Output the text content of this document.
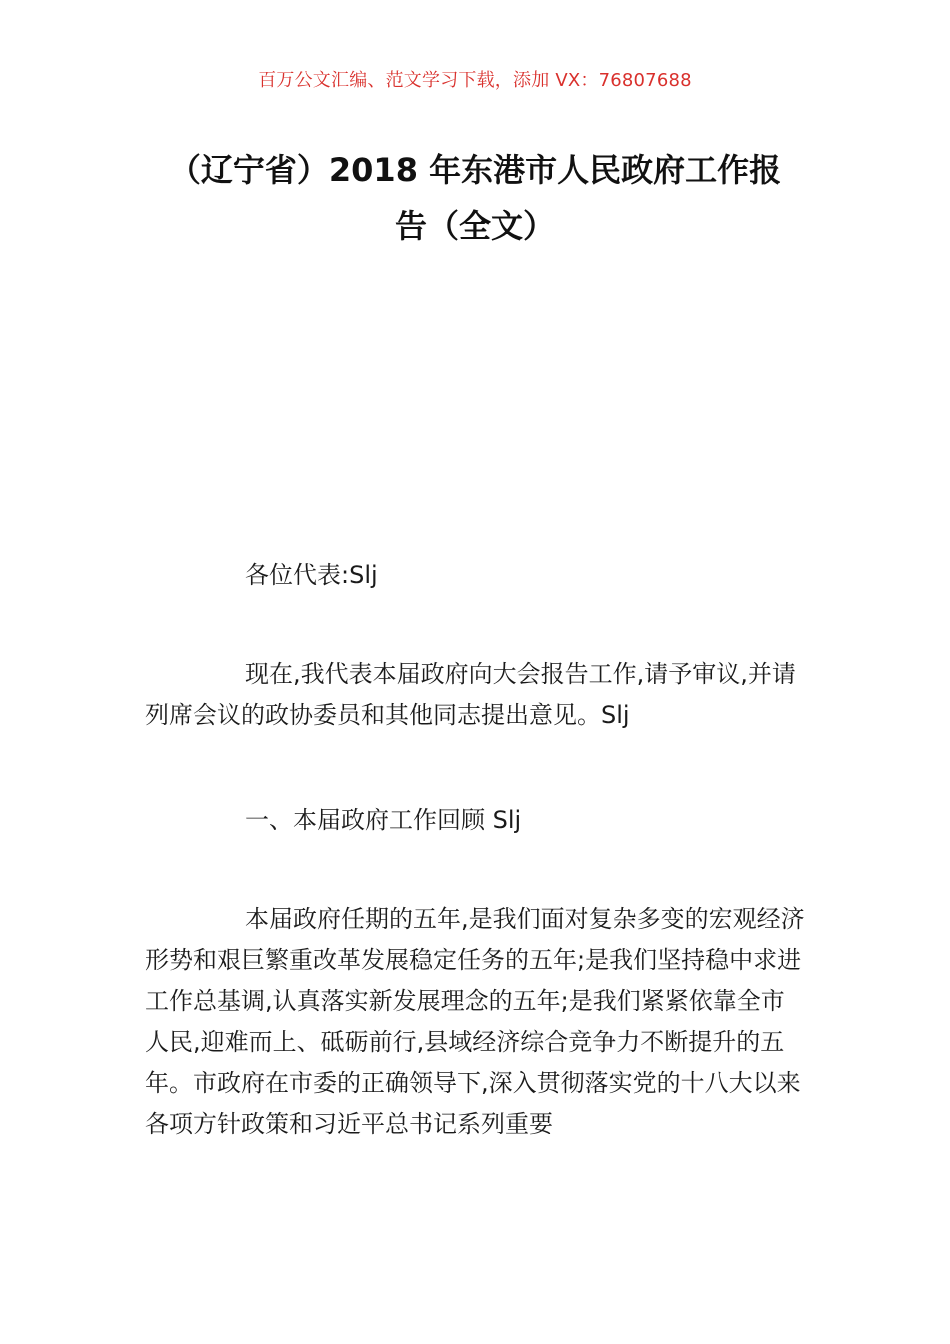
百万公文汇编、范文学习下载，添加 VX：76807688
（辽宁省）2018 年东港市人民政府工作报
告（全文）
各位代表:Slj
现在,我代表本届政府向大会报告工作,请予审议,并请列席会议的政协委员和其他同志提出意见。Slj
一、本届政府工作回顾 Slj
本届政府任期的五年,是我们面对复杂多变的宏观经济形势和艰巨繁重改革发展稳定任务的五年;是我们坚持稳中求进工作总基调,认真落实新发展理念的五年;是我们紧紧依靠全市人民,迎难而上、砥砺前行,县域经济综合竞争力不断提升的五年。市政府在市委的正确领导下,深入贯彻落实党的十八大以来各项方针政策和习近平总书记系列重要
